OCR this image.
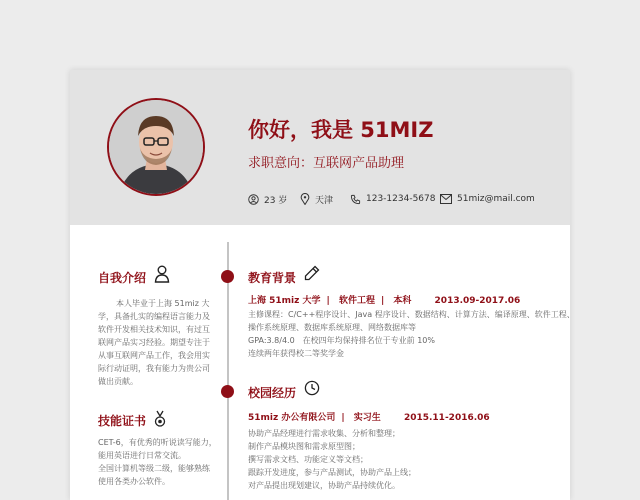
你好，我是 51MIZ
求职意向：互联网产品助理
23 岁	天津	123-1234-5678 51miz@mail.com
自我介绍
本人毕业于上海 51miz 大
学，具备扎实的编程语言能力及
软件开发相关技术知识，有过互
联网产品实习经验。期望专注于
从事互联网产品工作，我会用实
际行动证明，我有能力为贵公司
做出贡献。
技能证书
CET-6，有优秀的听说读写能力，
能用英语进行日常交流。
全国计算机等级二级，能够熟练
使用各类办公软件。
教育背景
上海 51miz 大学 | 软件工程 | 本科	2013.09-2017.06
主修课程：C/C++程序设计、Java 程序设计、数据结构、计算方法、编译原理、软件工程、
操作系统原理、数据库系统原理、网络数据库等
GPA:3.8/4.0　在校四年均保持排名位于专业前 10%
连续两年获得校二等奖学金
校园经历
51miz 办公有限公司 | 实习生	2015.11-2016.06
协助产品经理进行需求收集、分析和整理；
制作产品模块图和需求原型图；
撰写需求文档、功能定义等文档；
跟踪开发进度，参与产品测试，协助产品上线；
对产品提出现划建议，协助产品持续优化。
